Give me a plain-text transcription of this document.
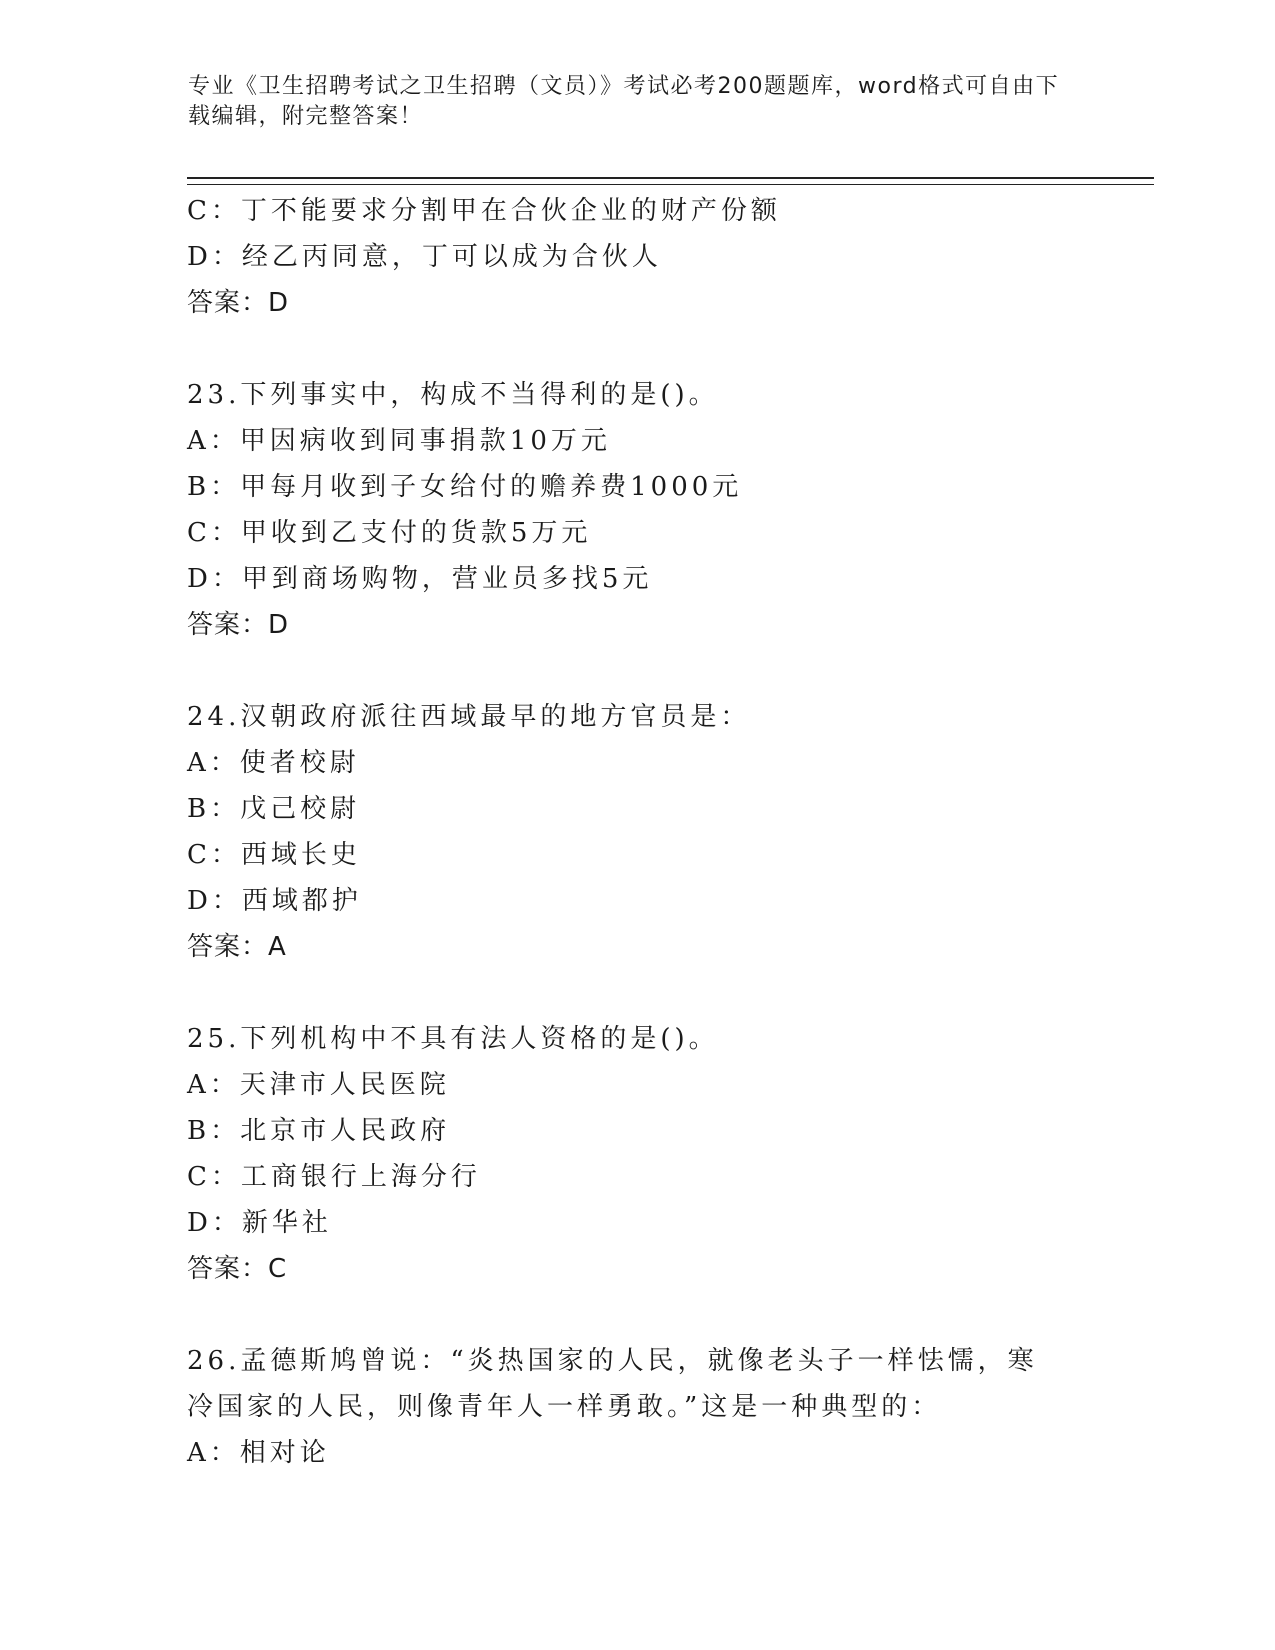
专业《卫生招聘考试之卫生招聘（文员）》考试必考200题题库，word格式可自由下载编辑，附完整答案！
C：丁不能要求分割甲在合伙企业的财产份额
D：经乙丙同意，丁可以成为合伙人
答案：D
23.下列事实中，构成不当得利的是()。
A：甲因病收到同事捐款10万元
B：甲每月收到子女给付的赡养费1000元
C：甲收到乙支付的货款5万元
D：甲到商场购物，营业员多找5元
答案：D
24.汉朝政府派往西域最早的地方官员是：
A：使者校尉
B：戊己校尉
C：西域长史
D：西域都护
答案：A
25.下列机构中不具有法人资格的是()。
A：天津市人民医院
B：北京市人民政府
C：工商银行上海分行
D：新华社
答案：C
26.孟德斯鸠曾说：“炎热国家的人民，就像老头子一样怯懦，寒冷国家的人民，则像青年人一样勇敢。”这是一种典型的：
A：相对论
